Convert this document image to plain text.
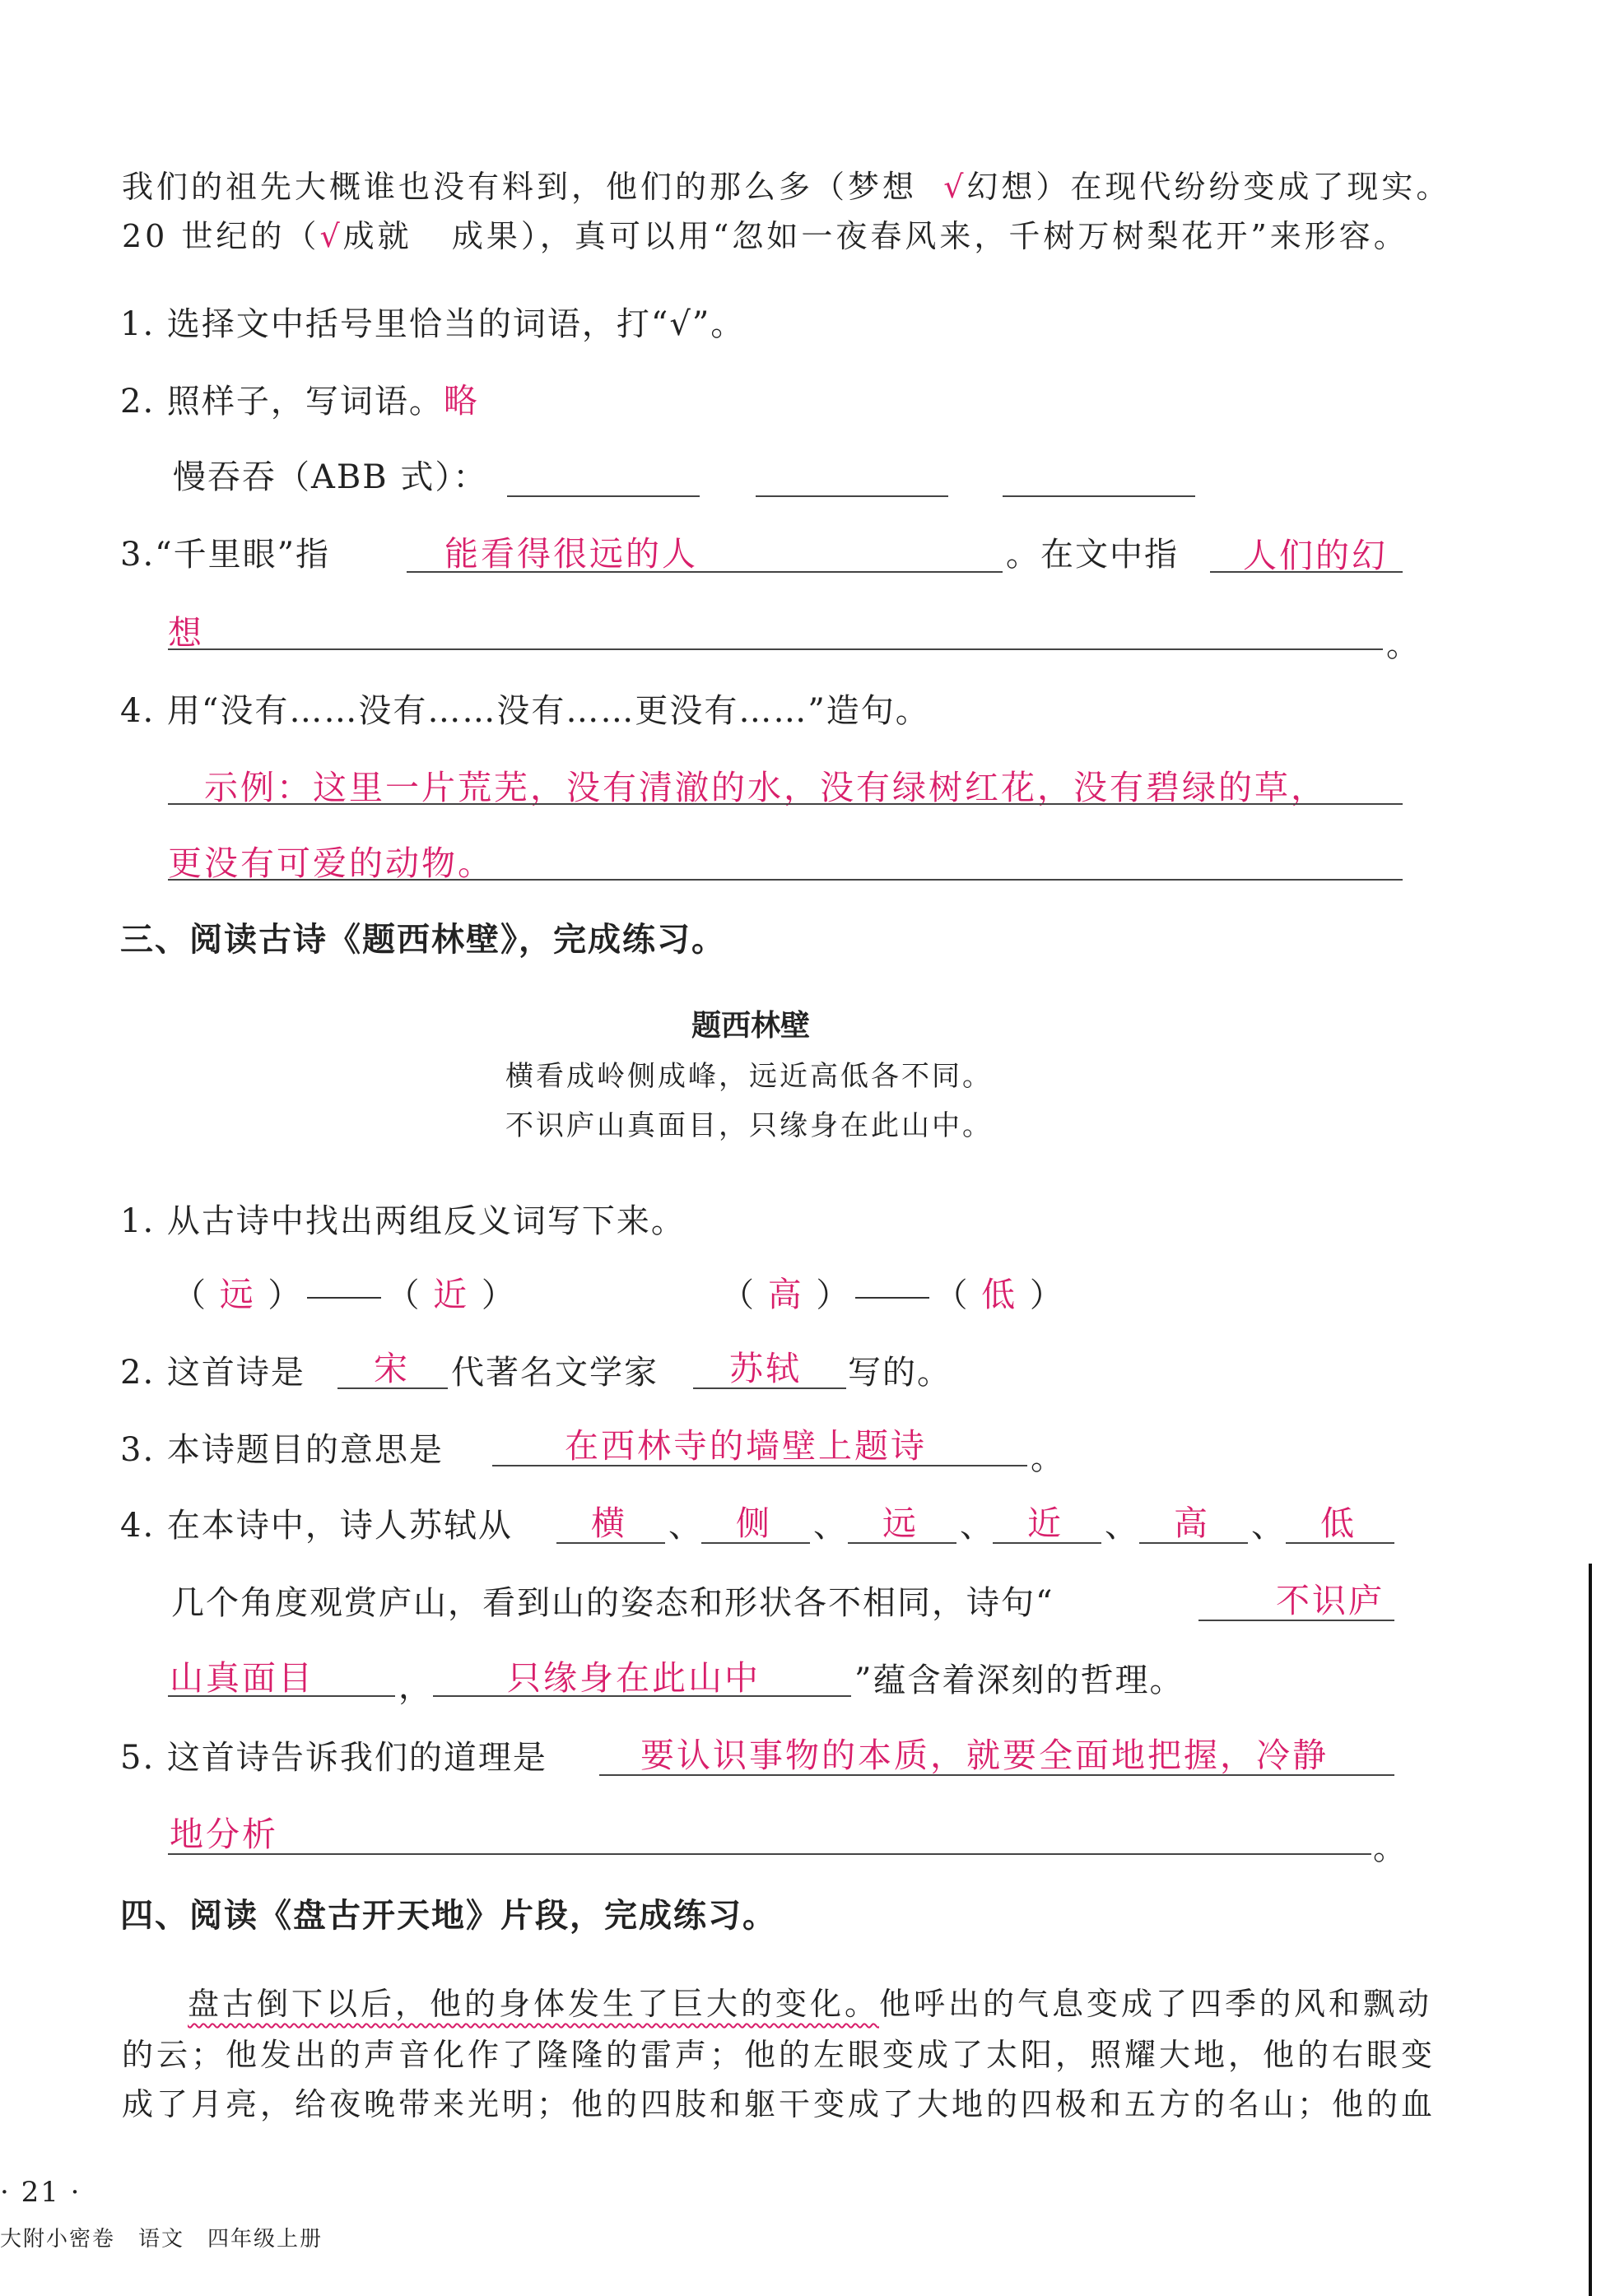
我们的祖先大概谁也没有料到，他们的那么多（梦想 √幻想）在现代纷纷变成了现实。
20 世纪的（√成就 成果），真可以用“忽如一夜春风来，千树万树梨花开”来形容。
1. 选择文中括号里恰当的词语，打“√”。
2. 照样子，写词语。略
慢吞吞（ABB 式）：
3.“千里眼”指	能看得很远的人	。在文中指 人们的幻
想	。
4. 用“没有……没有……没有……更没有……”造句。
示例：这里一片荒芜，没有清澈的水，没有绿树红花，没有碧绿的草，
更没有可爱的动物。
三、阅读古诗《题西林壁》，完成练习。
题西林壁
横看成岭侧成峰，远近高低各不同。
不识庐山真面目，只缘身在此山中。
1. 从古诗中找出两组反义词写下来。
（ 远 ）	（ 近 ）	（ 高 ）	（ 低 ）
2. 这首诗是 宋 代著名文学家 苏轼 写的。
3. 本诗题目的意思是	在西林寺的墙壁上题诗	。
4. 在本诗中，诗人苏轼从 横 、 侧 、 远 、 近 、 高 、 低
几个角度观赏庐山，看到山的姿态和形状各不相同，诗句“	不识庐
山真面目	， 只缘身在此山中	”蕴含着深刻的哲理。
5. 这首诗告诉我们的道理是	要认识事物的本质，就要全面地把握，冷静
地分析	。
四、阅读《盘古开天地》片段，完成练习。
盘古倒下以后，他的身体发生了巨大的变化。他呼出的气息变成了四季的风和飘动
的云；他发出的声音化作了隆隆的雷声；他的左眼变成了太阳，照耀大地，他的右眼变
成了月亮，给夜晚带来光明；他的四肢和躯干变成了大地的四极和五方的名山；他的血
· 21 ·
大附小密卷　语文　四年级上册
